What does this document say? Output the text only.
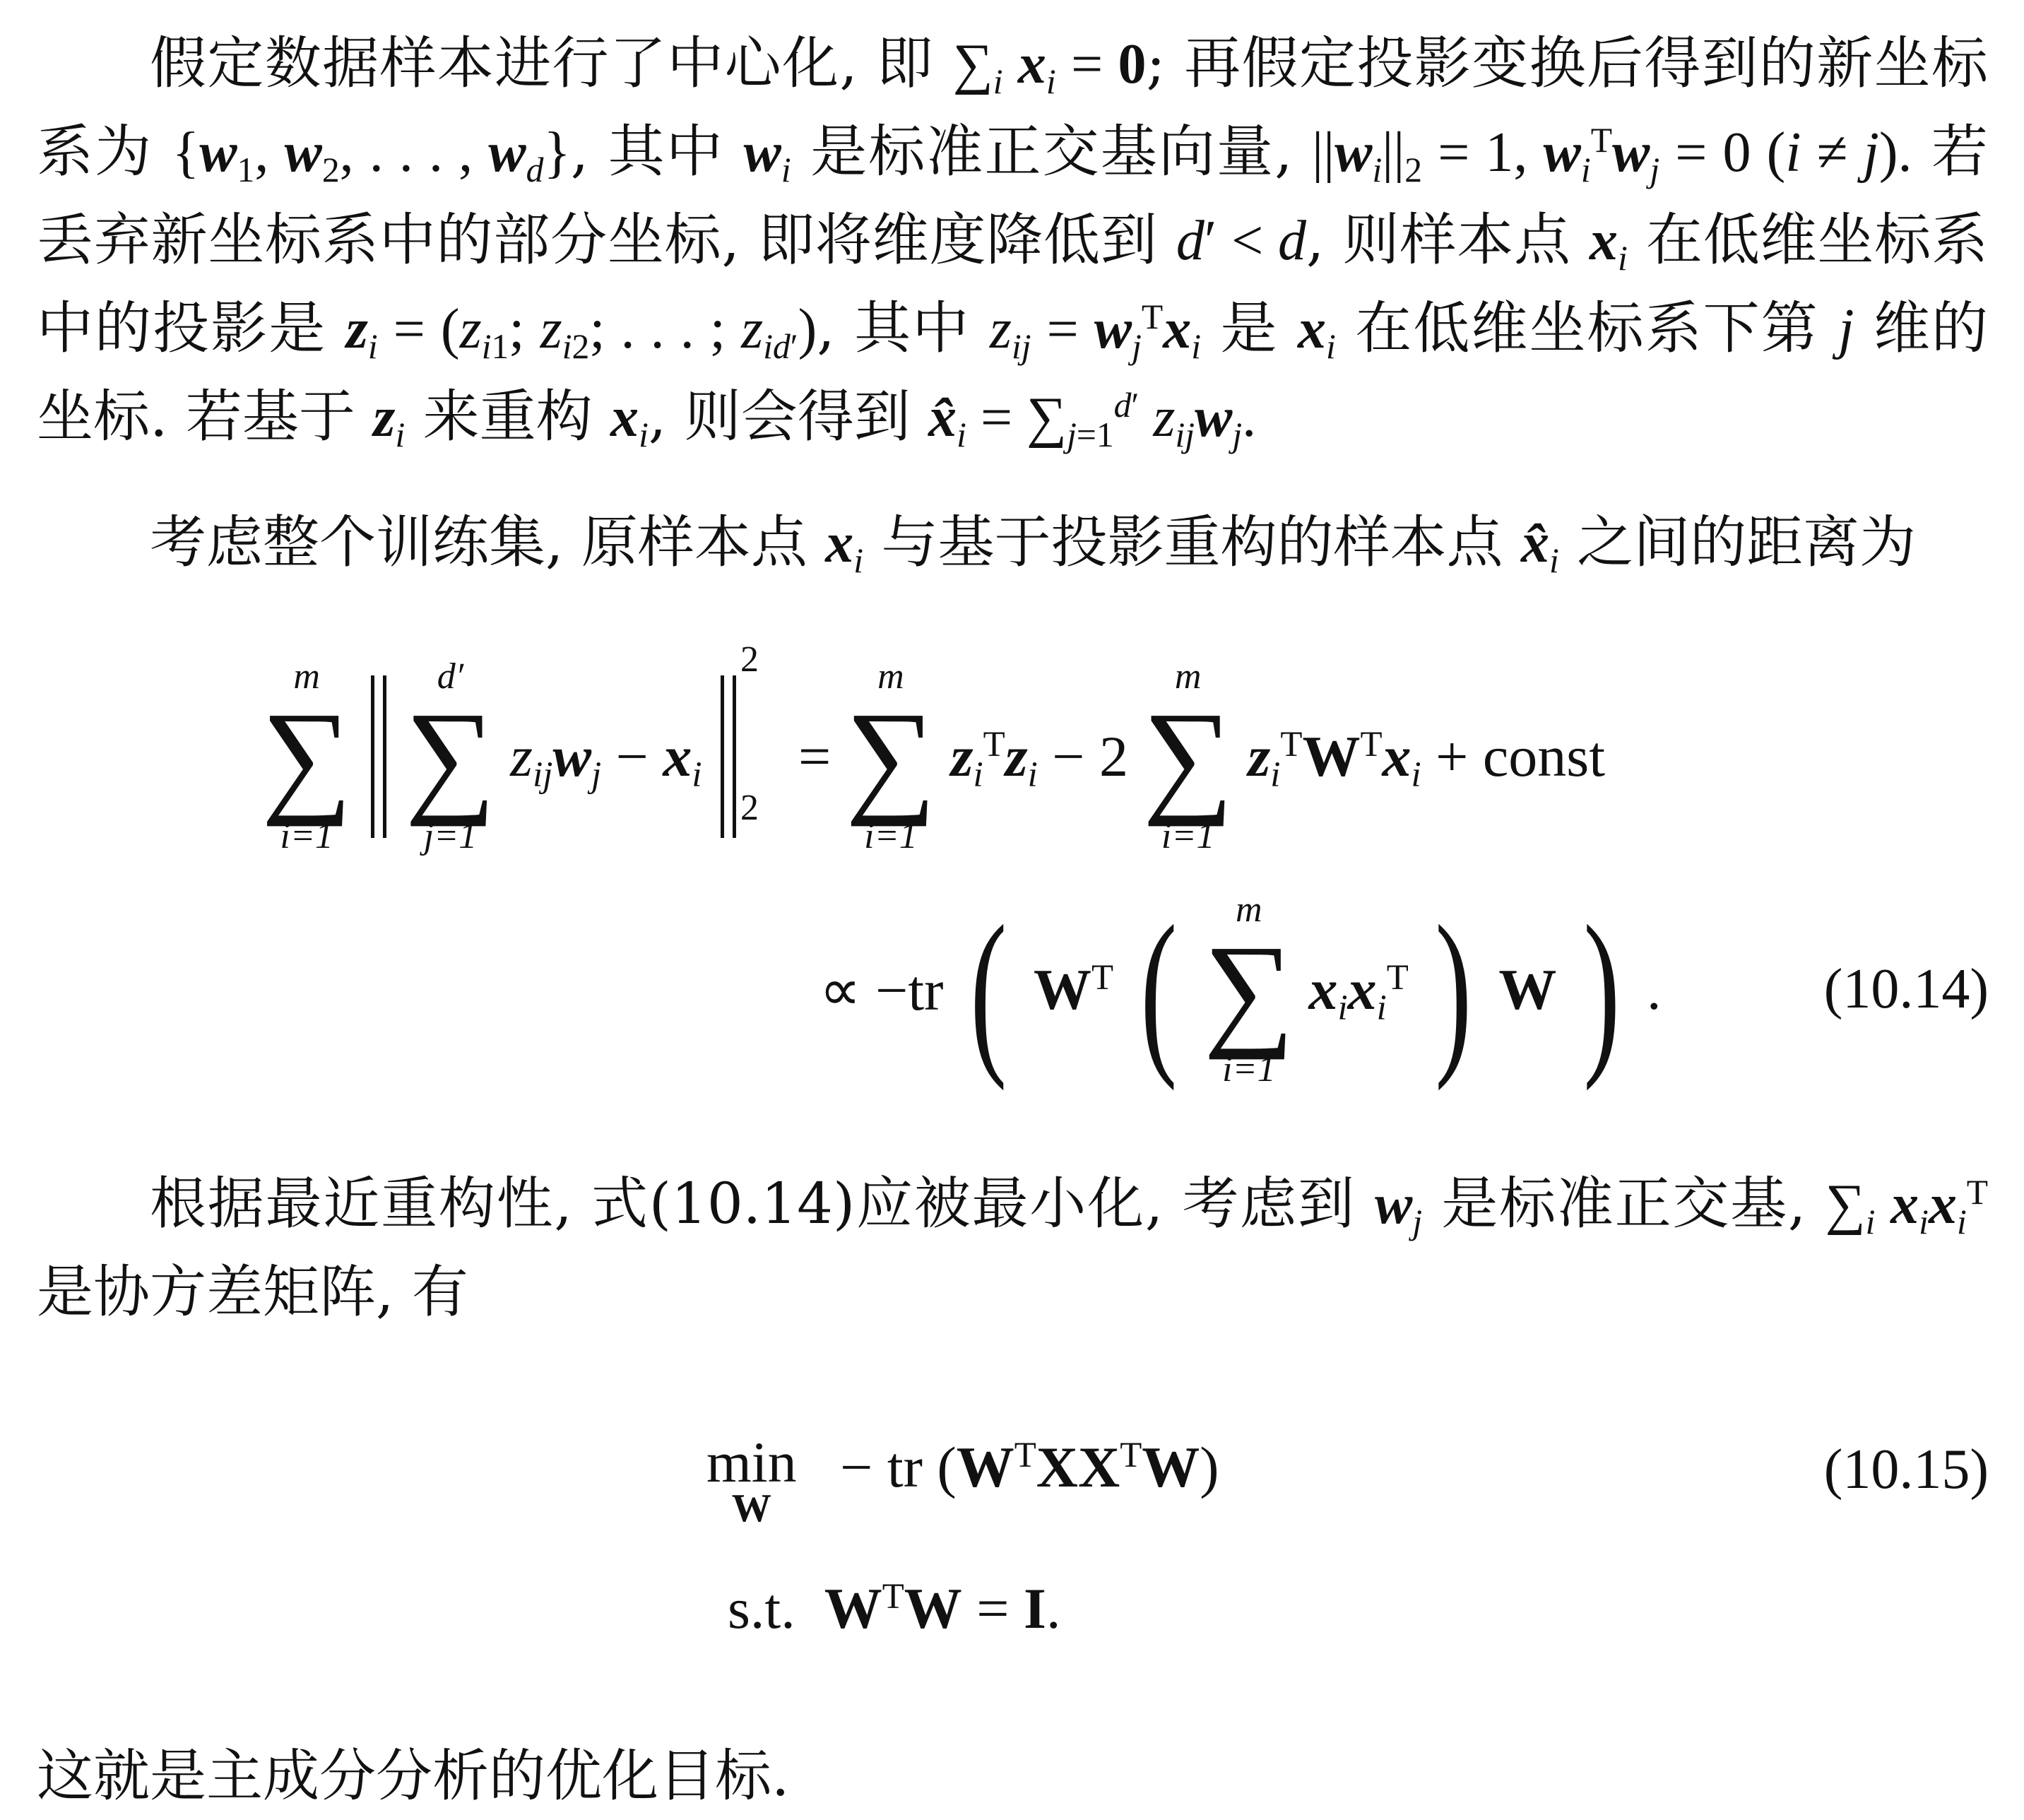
假定数据样本进行了中心化, 即 $\sum_i$ $x_i = 0$; 再假定投影变换后得到的新坐标系为 {$w_1$, $w_2$, . . . , $w_d$}, 其中 $w_i$ 是标准正交基向量, $||w_i||_2 = 1$, $w_i^Tw_j = 0$ (i ≠ j). 若丢弃新坐标系中的部分坐标, 即将维度降低到 d′ < d, 则样本点 $x_i$ 在低维坐标系中的投影是 $z_i = (z_{i1}$; $z_{i2}$; . . . ; $z_{id'}$), 其中 $z_{ij} = w_j^Tx_i$ 是 $x_i$ 在低维坐标系下第 j 维的坐标. 若基于 $z_i$ 来重构 $x_i$, 则会得到 $x̂_i = \sum_{j=1}^{d'}$ $z_{ij}w_j$.

考虑整个训练集, 原样本点 $x_i$ 与基于投影重构的样本点 $x̂_i$ 之间的距离为

m
∑
i=1

d′
∑
j=1
$z_{ij}w_j - x_i$
2
2
=
m
∑
i=1
$z_i^Tz_i - 2$
m
∑
i=1
$z_i^TW^Tx_i$ + const
∝ −tr ( $W^T$ (	m
∑
i=1
$x_ix_i^T$ ) W ) .	(10.14)

根据最近重构性, 式(10.14)应被最小化, 考虑到 $w_j$ 是标准正交基, $\sum_i$ $x_ix_i^T$是协方差矩阵, 有

min
W
− tr $(W^TXX^TW)$	(10.15)
s.t. $W^TW = I$.

这就是主成分分析的优化目标.
